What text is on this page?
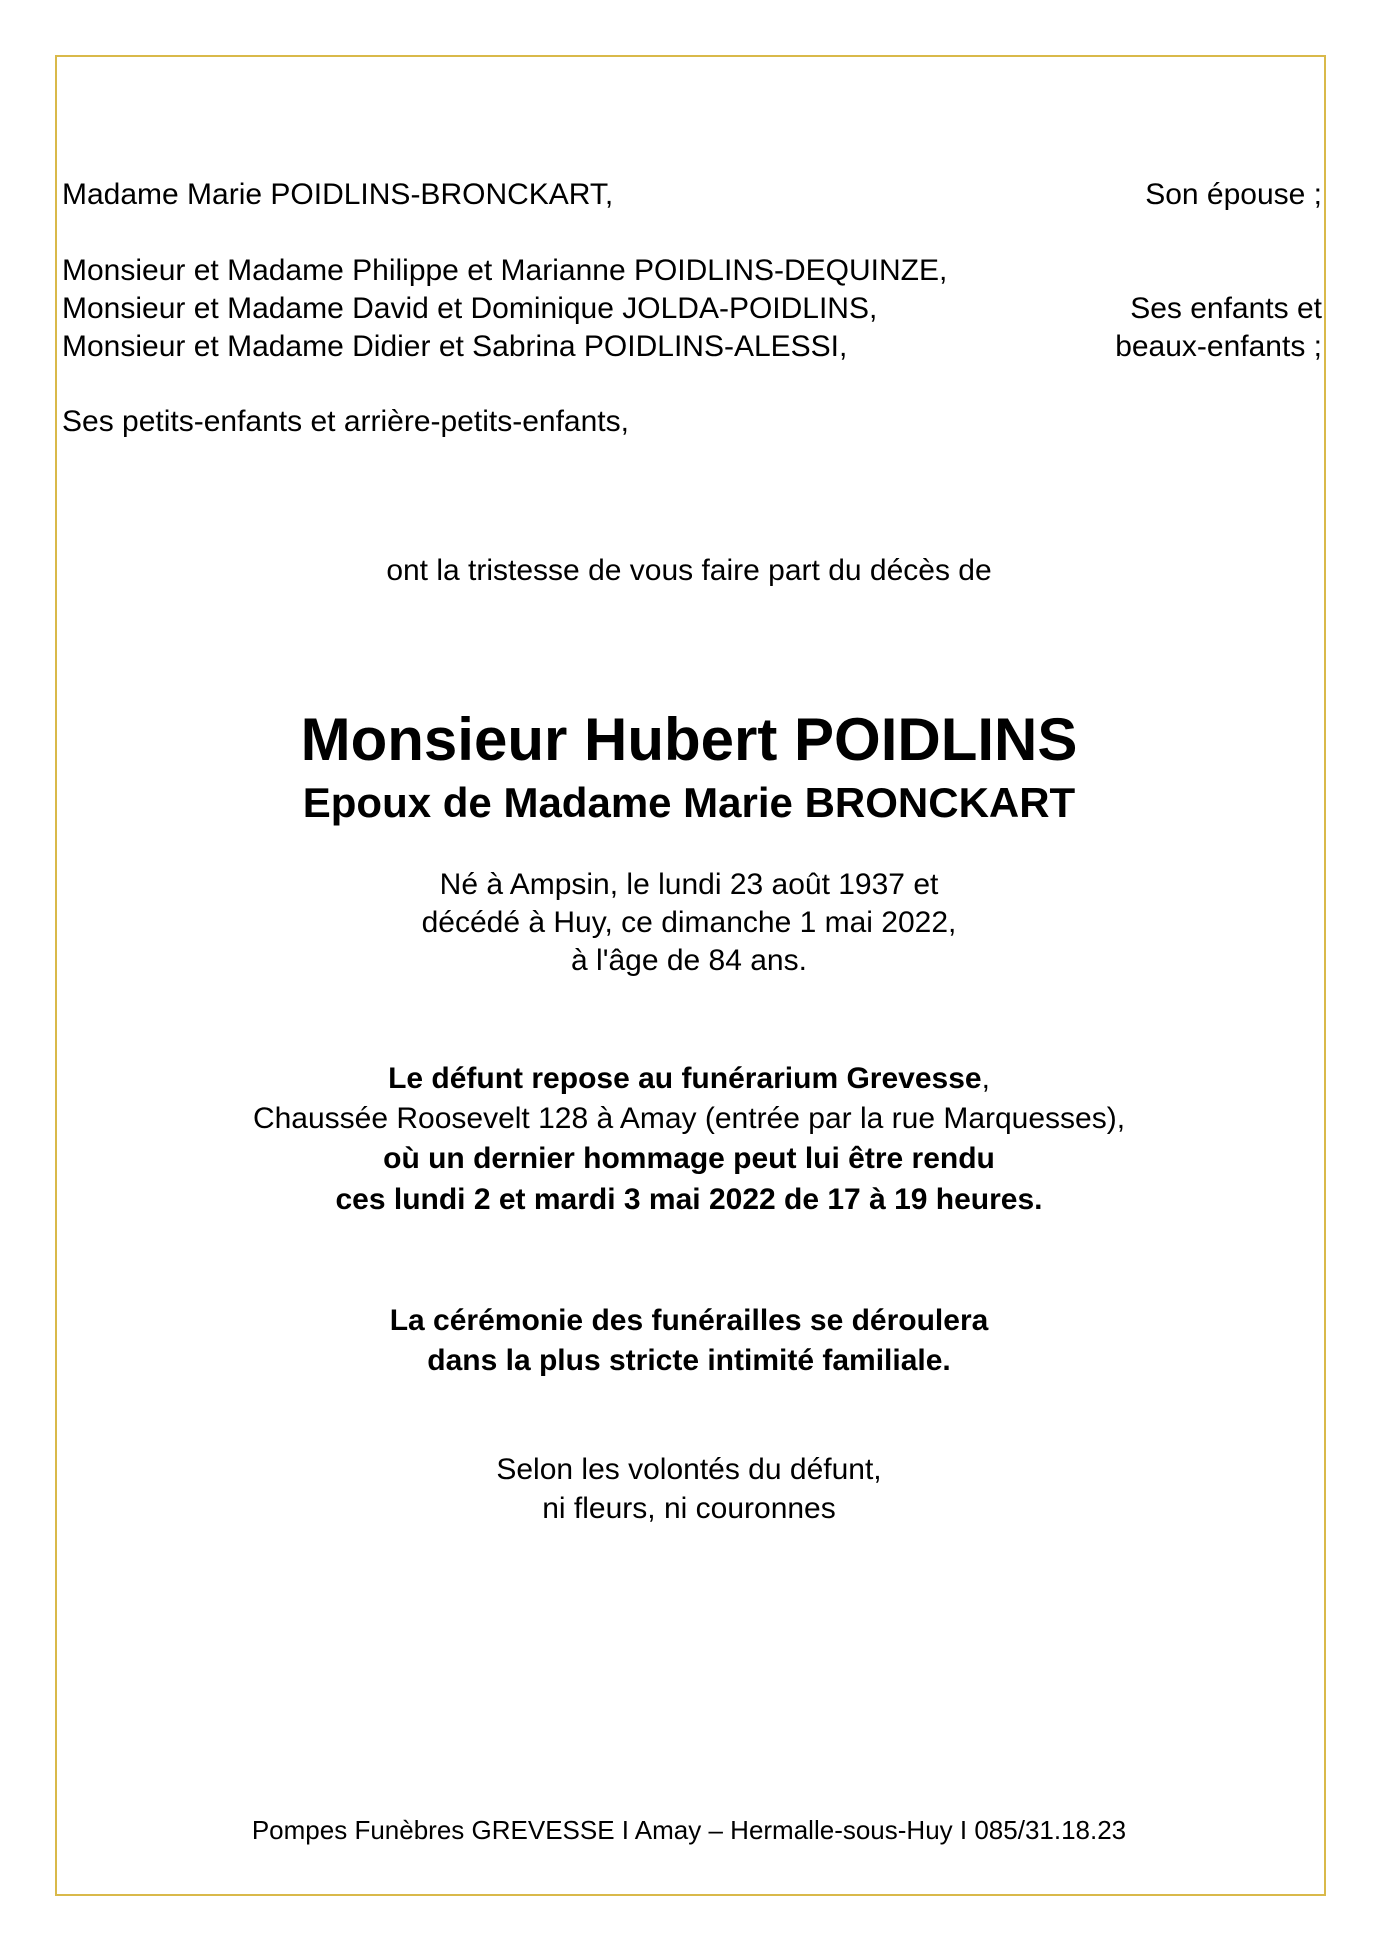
Madame Marie POIDLINS-BRONCKART,	Son épouse ;
Monsieur et Madame Philippe et Marianne POIDLINS-DEQUINZE,
Monsieur et Madame David et Dominique JOLDA-POIDLINS,
Monsieur et Madame Didier et Sabrina POIDLINS-ALESSI,
Ses enfants et
beaux-enfants ;
Ses petits-enfants et arrière-petits-enfants,
ont la tristesse de vous faire part du décès de
Monsieur Hubert POIDLINS
Epoux de Madame Marie BRONCKART
Né à Ampsin, le lundi 23 août 1937 et
décédé à Huy, ce dimanche 1 mai 2022,
à l'âge de 84 ans.
Le défunt repose au funérarium Grevesse,
Chaussée Roosevelt 128 à Amay (entrée par la rue Marquesses),
où un dernier hommage peut lui être rendu
ces lundi 2 et mardi 3 mai 2022 de 17 à 19 heures.
La cérémonie des funérailles se déroulera
dans la plus stricte intimité familiale.
Selon les volontés du défunt,
ni fleurs, ni couronnes
Pompes Funèbres GREVESSE I Amay – Hermalle-sous-Huy I 085/31.18.23
